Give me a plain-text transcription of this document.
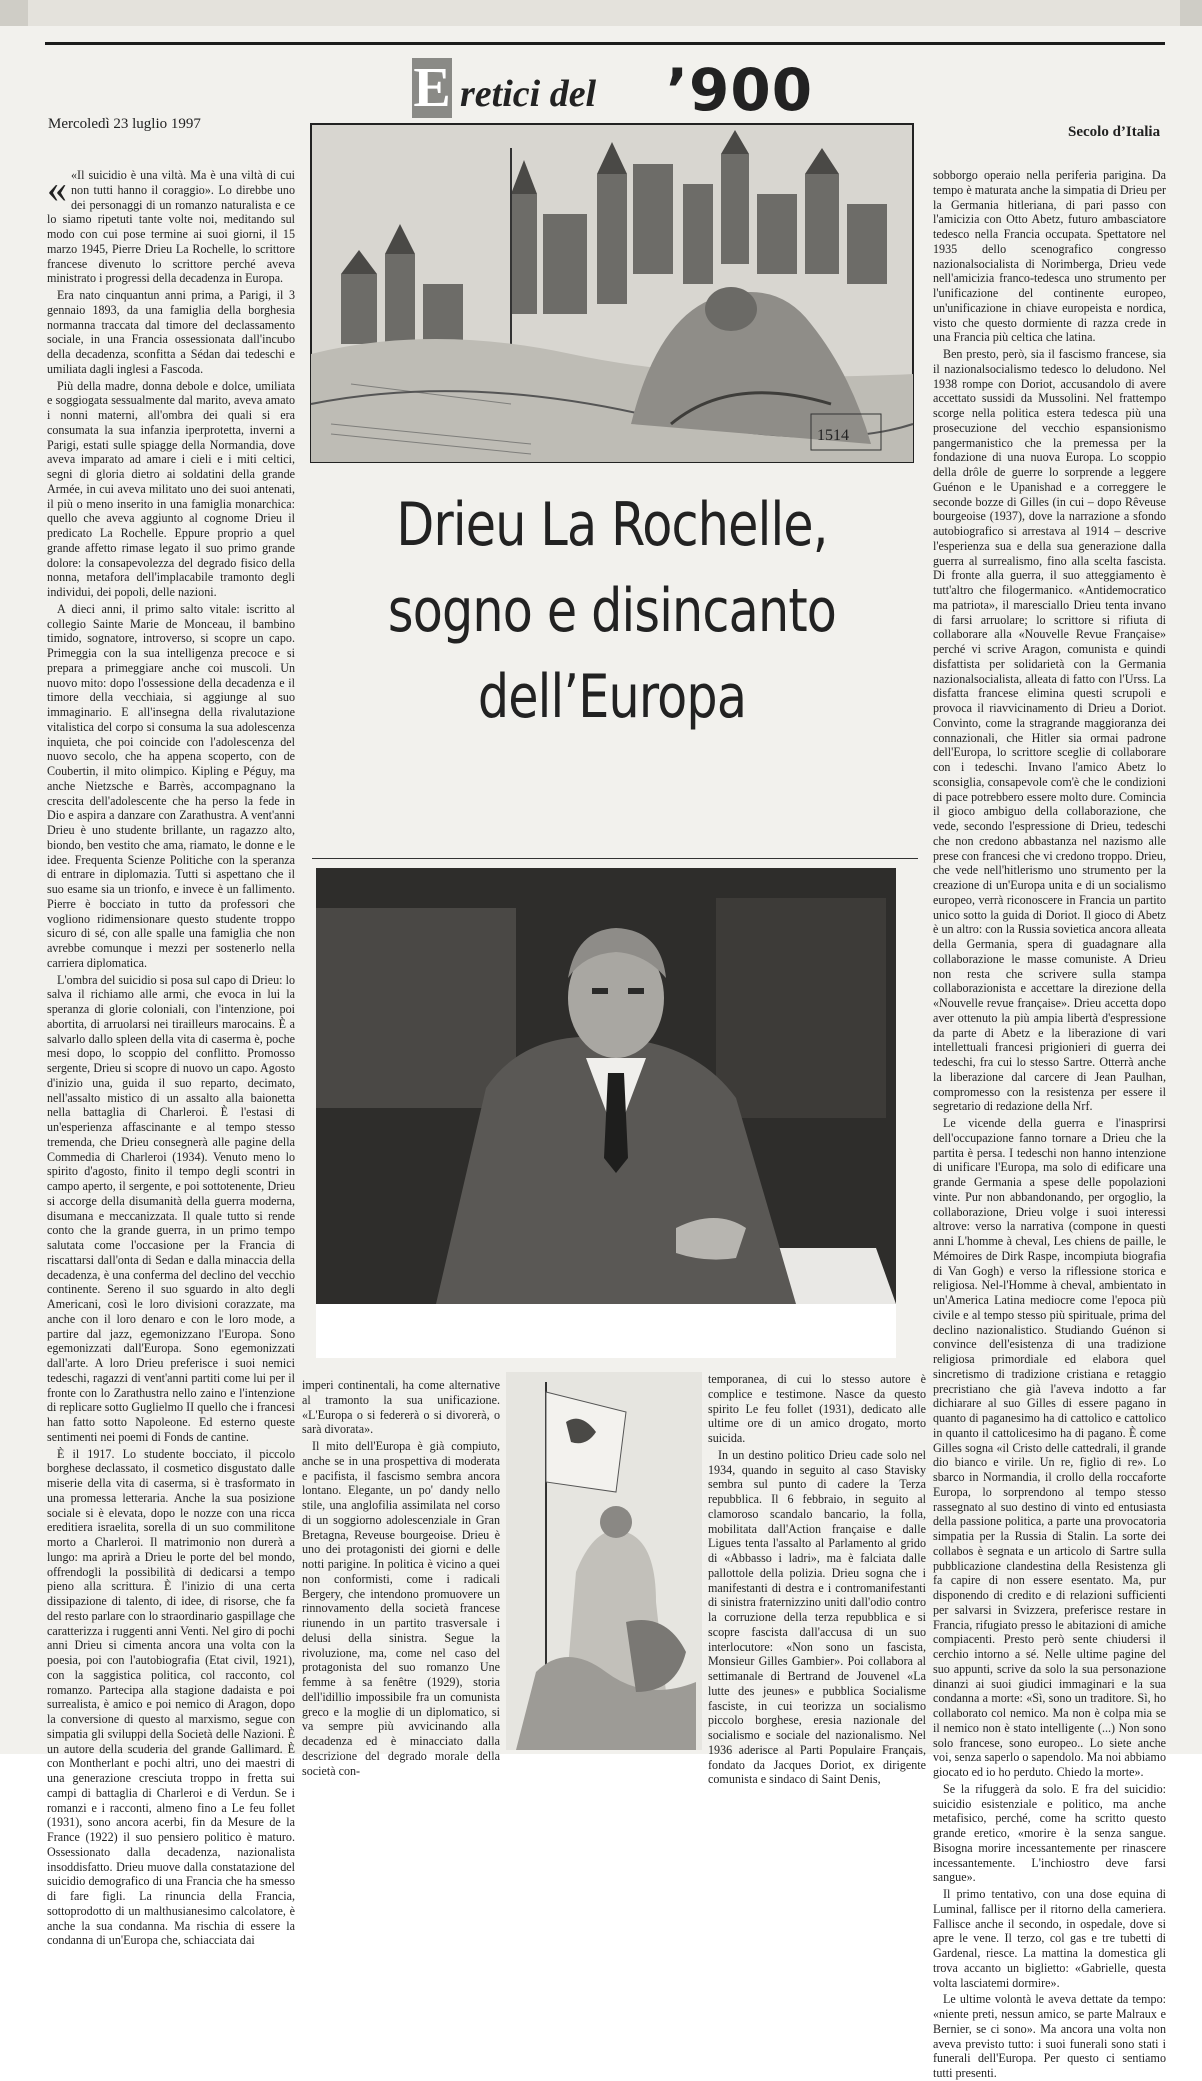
Mercoledì 23 luglio 1997	Secolo d’Italia
E retici del ’900
1514
Drieu La Rochelle,
sogno e disincanto
dell’Europa

« «Il suicidio è una viltà. Ma è una viltà di cui non tutti hanno il coraggio». Lo direbbe uno dei personaggi di un romanzo naturalista e ce lo siamo ripetuti tante volte noi, meditando sul modo con cui pose termine ai suoi giorni, il 15 marzo 1945, Pierre Drieu La Rochelle, lo scrittore francese divenuto lo scrittore perché aveva ministrato i progressi della decadenza in Europa.

Era nato cinquantun anni prima, a Parigi, il 3 gennaio 1893, da una famiglia della borghesia normanna traccata dal timore del declassamento sociale, in una Francia ossessionata dall'incubo della decadenza, sconfitta a Sédan dai tedeschi e umiliata dagli inglesi a Fascoda.

Più della madre, donna debole e dolce, umiliata e soggiogata sessualmente dal marito, aveva amato i nonni materni, all'ombra dei quali si era consumata la sua infanzia iperprotetta, inverni a Parigi, estati sulle spiagge della Normandia, dove aveva imparato ad amare i cieli e i miti celtici, segni di gloria dietro ai soldatini della grande Armée, in cui aveva militato uno dei suoi antenati, il più o meno inserito in una famiglia monarchica: quello che aveva aggiunto al cognome Drieu il predicato La Rochelle. Eppure proprio a quel grande affetto rimase legato il suo primo grande dolore: la consapevolezza del degrado fisico della nonna, metafora dell'implacabile tramonto degli individui, dei popoli, delle nazioni.

A dieci anni, il primo salto vitale: iscritto al collegio Sainte Marie de Monceau, il bambino timido, sognatore, introverso, si scopre un capo. Primeggia con la sua intelligenza precoce e si prepara a primeggiare anche coi muscoli. Un nuovo mito: dopo l'ossessione della decadenza e il timore della vecchiaia, si aggiunge al suo immaginario. E all'insegna della rivalutazione vitalistica del corpo si consuma la sua adolescenza inquieta, che poi coincide con l'adolescenza del nuovo secolo, che ha appena scoperto, con de Coubertin, il mito olimpico. Kipling e Péguy, ma anche Nietzsche e Barrès, accompagnano la crescita dell'adolescente che ha perso la fede in Dio e aspira a danzare con Zarathustra. A vent'anni Drieu è uno studente brillante, un ragazzo alto, biondo, ben vestito che ama, riamato, le donne e le idee. Frequenta Scienze Politiche con la speranza di entrare in diplomazia. Tutti si aspettano che il suo esame sia un trionfo, e invece è un fallimento. Pierre è bocciato in tutto da professori che vogliono ridimensionare questo studente troppo sicuro di sé, con alle spalle una famiglia che non avrebbe comunque i mezzi per sostenerlo nella carriera diplomatica.

L'ombra del suicidio si posa sul capo di Drieu: lo salva il richiamo alle armi, che evoca in lui la speranza di glorie coloniali, con l'intenzione, poi abortita, di arruolarsi nei tirailleurs marocains. È a salvarlo dallo spleen della vita di caserma è, poche mesi dopo, lo scoppio del conflitto. Promosso sergente, Drieu si scopre di nuovo un capo. Agosto d'inizio una, guida il suo reparto, decimato, nell'assalto mistico di un assalto alla baionetta nella battaglia di Charleroi. È l'estasi di un'esperienza affascinante e al tempo stesso tremenda, che Drieu consegnerà alle pagine della Commedia di Charleroi (1934). Venuto meno lo spirito d'agosto, finito il tempo degli scontri in campo aperto, il sergente, e poi sottotenente, Drieu si accorge della disumanità della guerra moderna, disumana e meccanizzata. Il quale tutto si rende conto che la grande guerra, in un primo tempo salutata come l'occasione per la Francia di riscattarsi dall'onta di Sedan e dalla minaccia della decadenza, è una conferma del declino del vecchio continente. Sereno il suo sguardo in alto degli Americani, così le loro divisioni corazzate, ma anche con il loro denaro e con le loro mode, a partire dal jazz, egemonizzano l'Europa. Sono egemonizzati dall'Europa. Sono egemonizzati dall'arte. A loro Drieu preferisce i suoi nemici tedeschi, ragazzi di vent'anni partiti come lui per il fronte con lo Zarathustra nello zaino e l'intenzione di replicare sotto Guglielmo II quello che i francesi han fatto sotto Napoleone. Ed esterno queste sentimenti nei poemi di Fonds de cantine.

È il 1917. Lo studente bocciato, il piccolo borghese declassato, il cosmetico disgustato dalle miserie della vita di caserma, si è trasformato in una promessa letteraria. Anche la sua posizione sociale si è elevata, dopo le nozze con una ricca ereditiera israelita, sorella di un suo commilitone morto a Charleroi. Il matrimonio non durerà a lungo: ma aprirà a Drieu le porte del bel mondo, offrendogli la possibilità di dedicarsi a tempo pieno alla scrittura. È l'inizio di una certa dissipazione di talento, di idee, di risorse, che fa del resto parlare con lo straordinario gaspillage che caratterizza i ruggenti anni Venti. Nel giro di pochi anni Drieu si cimenta ancora una volta con la poesia, poi con l'autobiografia (Etat civil, 1921), con la saggistica politica, col racconto, col romanzo. Partecipa alla stagione dadaista e poi surrealista, è amico e poi nemico di Aragon, dopo la conversione di questo al marxismo, segue con simpatia gli sviluppi della Società delle Nazioni. È un autore della scuderia del grande Gallimard. È con Montherlant e pochi altri, uno dei maestri di una generazione cresciuta troppo in fretta sui campi di battaglia di Charleroi e di Verdun. Se i romanzi e i racconti, almeno fino a Le feu follet (1931), sono ancora acerbi, fin da Mesure de la France (1922) il suo pensiero politico è maturo. Ossessionato dalla decadenza, nazionalista insoddisfatto. Drieu muove dalla constatazione del suicidio demografico di una Francia che ha smesso di fare figli. La rinuncia della Francia, sottoprodotto di un malthusianesimo calcolatore, è anche la sua condanna. Ma rischia di essere la condanna di un'Europa che, schiacciata dai

imperi continentali, ha come alternative al tramonto la sua unificazione. «L'Europa o si federerà o si divorerà, o sarà divorata».

Il mito dell'Europa è già compiuto, anche se in una prospettiva di moderata e pacifista, il fascismo sembra ancora lontano. Elegante, un po' dandy nello stile, una anglofilia assimilata nel corso di un soggiorno adolescenziale in Gran Bretagna, Reveuse bourgeoise. Drieu è uno dei protagonisti dei giorni e delle notti parigine. In politica è vicino a quei non conformisti, come i radicali Bergery, che intendono promuovere un rinnovamento della società francese riunendo in un partito trasversale i delusi della sinistra. Segue la rivoluzione, ma, come nel caso del protagonista del suo romanzo Une femme à sa fenêtre (1929), storia dell'idillio impossibile fra un comunista greco e la moglie di un diplomatico, si va sempre più avvicinando alla decadenza ed è minacciato dalla descrizione del degrado morale della società con-

temporanea, di cui lo stesso autore è complice e testimone. Nasce da questo spirito Le feu follet (1931), dedicato alle ultime ore di un amico drogato, morto suicida.

In un destino politico Drieu cade solo nel 1934, quando in seguito al caso Stavisky sembra sul punto di cadere la Terza repubblica. Il 6 febbraio, in seguito al clamoroso scandalo bancario, la folla, mobilitata dall'Action française e dalle Ligues tenta l'assalto al Parlamento al grido di «Abbasso i ladri», ma è falciata dalle pallottole della polizia. Drieu sogna che i manifestanti di destra e i contromanifestanti di sinistra fraternizzino uniti dall'odio contro la corruzione della terza repubblica e si scopre fascista dall'accusa di un suo interlocutore: «Non sono un fascista, Monsieur Gilles Gambier». Poi collabora al settimanale di Bertrand de Jouvenel «La lutte des jeunes» e pubblica Socialisme fasciste, in cui teorizza un socialismo piccolo borghese, eresia nazionale del socialismo e sociale del nazionalismo. Nel 1936 aderisce al Parti Populaire Français, fondato da Jacques Doriot, ex dirigente comunista e sindaco di Saint Denis,

sobborgo operaio nella periferia parigina. Da tempo è maturata anche la simpatia di Drieu per la Germania hitleriana, di pari passo con l'amicizia con Otto Abetz, futuro ambasciatore tedesco nella Francia occupata. Spettatore nel 1935 dello scenografico congresso nazionalsocialista di Norimberga, Drieu vede nell'amicizia franco-tedesca uno strumento per l'unificazione del continente europeo, un'unificazione in chiave europeista e nordica, visto che questo dormiente di razza crede in una Francia più celtica che latina.

Ben presto, però, sia il fascismo francese, sia il nazionalsocialismo tedesco lo deludono. Nel 1938 rompe con Doriot, accusandolo di avere accettato sussidi da Mussolini. Nel frattempo scorge nella politica estera tedesca più una prosecuzione del vecchio espansionismo pangermanistico che la premessa per la fondazione di una nuova Europa. Lo scoppio della drôle de guerre lo sorprende a leggere Guénon e le Upanishad e a correggere le seconde bozze di Gilles (in cui – dopo Rêveuse bourgeoise (1937), dove la narrazione a sfondo autobiografico si arrestava al 1914 – descrive l'esperienza sua e della sua generazione dalla guerra al surrealismo, fino alla scelta fascista. Di fronte alla guerra, il suo atteggiamento è tutt'altro che filogermanico. «Antidemocratico ma patriota», il maresciallo Drieu tenta invano di farsi arruolare; lo scrittore si rifiuta di collaborare alla «Nouvelle Revue Française» perché vi scrive Aragon, comunista e quindi disfattista per solidarietà con la Germania nazionalsocialista, alleata di fatto con l'Urss. La disfatta francese elimina questi scrupoli e provoca il riavvicinamento di Drieu a Doriot. Convinto, come la stragrande maggioranza dei connazionali, che Hitler sia ormai padrone dell'Europa, lo scrittore sceglie di collaborare con i tedeschi. Invano l'amico Abetz lo sconsiglia, consapevole com'è che le condizioni di pace potrebbero essere molto dure. Comincia il gioco ambiguo della collaborazione, che vede, secondo l'espressione di Drieu, tedeschi che non credono abbastanza nel nazismo alle prese con francesi che vi credono troppo. Drieu, che vede nell'hitlerismo uno strumento per la creazione di un'Europa unita e di un socialismo europeo, verrà riconoscere in Francia un partito unico sotto la guida di Doriot. Il gioco di Abetz è un altro: con la Russia sovietica ancora alleata della Germania, spera di guadagnare alla collaborazione le masse comuniste. A Drieu non resta che scrivere sulla stampa collaborazionista e accettare la direzione della «Nouvelle revue française». Drieu accetta dopo aver ottenuto la più ampia libertà d'espressione da parte di Abetz e la liberazione di vari intellettuali francesi prigionieri di guerra dei tedeschi, fra cui lo stesso Sartre. Otterrà anche la liberazione dal carcere di Jean Paulhan, compromesso con la resistenza per essere il segretario di redazione della Nrf.

Le vicende della guerra e l'inasprirsi dell'occupazione fanno tornare a Drieu che la partita è persa. I tedeschi non hanno intenzione di unificare l'Europa, ma solo di edificare una grande Germania a spese delle popolazioni vinte. Pur non abbandonando, per orgoglio, la collaborazione, Drieu volge i suoi interessi altrove: verso la narrativa (compone in questi anni L'homme à cheval, Les chiens de paille, le Mémoires de Dirk Raspe, incompiuta biografia di Van Gogh) e verso la riflessione storica e religiosa. Nel-l'Homme à cheval, ambientato in un'America Latina mediocre come l'epoca più civile e al tempo stesso più spirituale, prima del declino nazionalistico. Studiando Guénon si convince dell'esistenza di una tradizione religiosa primordiale ed elabora quel sincretismo di tradizione cristiana e retaggio precristiano che già l'aveva indotto a far dichiarare al suo Gilles di essere pagano in quanto di paganesimo ha di cattolico e cattolico in quanto il cattolicesimo ha di pagano. È come Gilles sogna «il Cristo delle cattedrali, il grande dio bianco e virile. Un re, figlio di re». Lo sbarco in Normandia, il crollo della roccaforte Europa, lo sorprendono al tempo stesso rassegnato al suo destino di vinto ed entusiasta della passione politica, a parte una provocatoria simpatia per la Russia di Stalin. La sorte dei collabos è segnata e un articolo di Sartre sulla pubblicazione clandestina della Resistenza gli fa capire di non essere esentato. Ma, pur disponendo di credito e di relazioni sufficienti per salvarsi in Svizzera, preferisce restare in Francia, rifugiato presso le abitazioni di amiche compiacenti. Presto però sente chiudersi il cerchio intorno a sé. Nelle ultime pagine del suo appunti, scrive da solo la sua personazione dinanzi ai suoi giudici immaginari e la sua condanna a morte: «Sì, sono un traditore. Sì, ho collaborato col nemico. Ma non è colpa mia se il nemico non è stato intelligente (...) Non sono solo francese, sono europeo.. Lo siete anche voi, senza saperlo o sapendolo. Ma noi abbiamo giocato ed io ho perduto. Chiedo la morte».

Se la rifuggerà da solo. E fra del suicidio: suicidio esistenziale e politico, ma anche metafisico, perché, come ha scritto questo grande eretico, «morire è la senza sangue. Bisogna morire incessantemente per rinascere incessantemente. L'inchiostro deve farsi sangue».

Il primo tentativo, con una dose equina di Luminal, fallisce per il ritorno della cameriera. Fallisce anche il secondo, in ospedale, dove si apre le vene. Il terzo, col gas e tre tubetti di Gardenal, riesce. La mattina la domestica gli trova accanto un biglietto: «Gabrielle, questa volta lasciatemi dormire».

Le ultime volontà le aveva dettate da tempo: «niente preti, nessun amico, se parte Malraux e Bernier, se ci sono». Ma ancora una volta non aveva previsto tutto: i suoi funerali sono stati i funerali dell'Europa. Per questo ci sentiamo tutti presenti.
